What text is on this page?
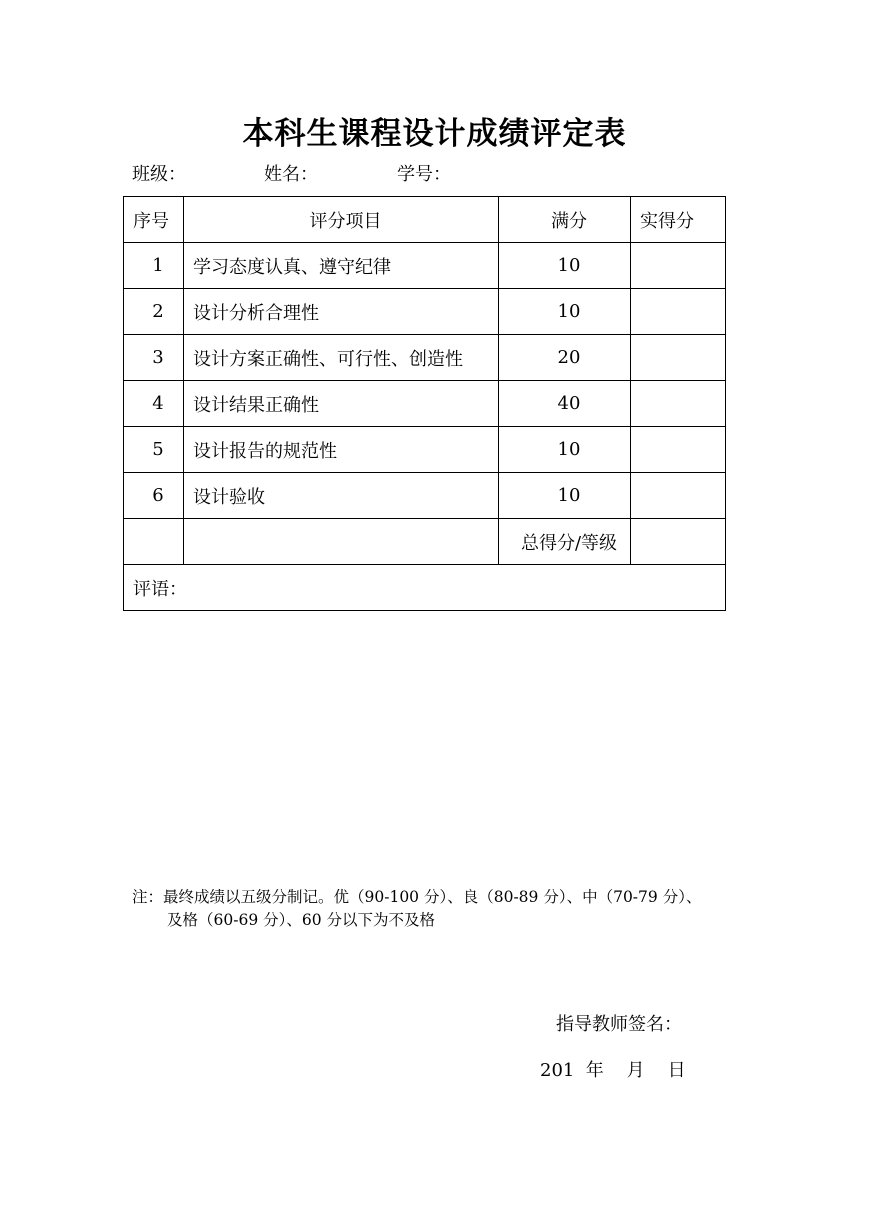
本科生课程设计成绩评定表
班级：	姓名：	学号：
序号	评分项目	满分	实得分
1	学习态度认真、遵守纪律	10	
2	设计分析合理性	10	
3	设计方案正确性、可行性、创造性	20	
4	设计结果正确性	40	
5	设计报告的规范性	10	
6	设计验收	10	
		总得分/等级	
评语：			
注：最终成绩以五级分制记。优（90-100 分）、良（80-89 分）、中（70-79 分）、
及格（60-69 分）、60 分以下为不及格
指导教师签名：
201  年    月    日
